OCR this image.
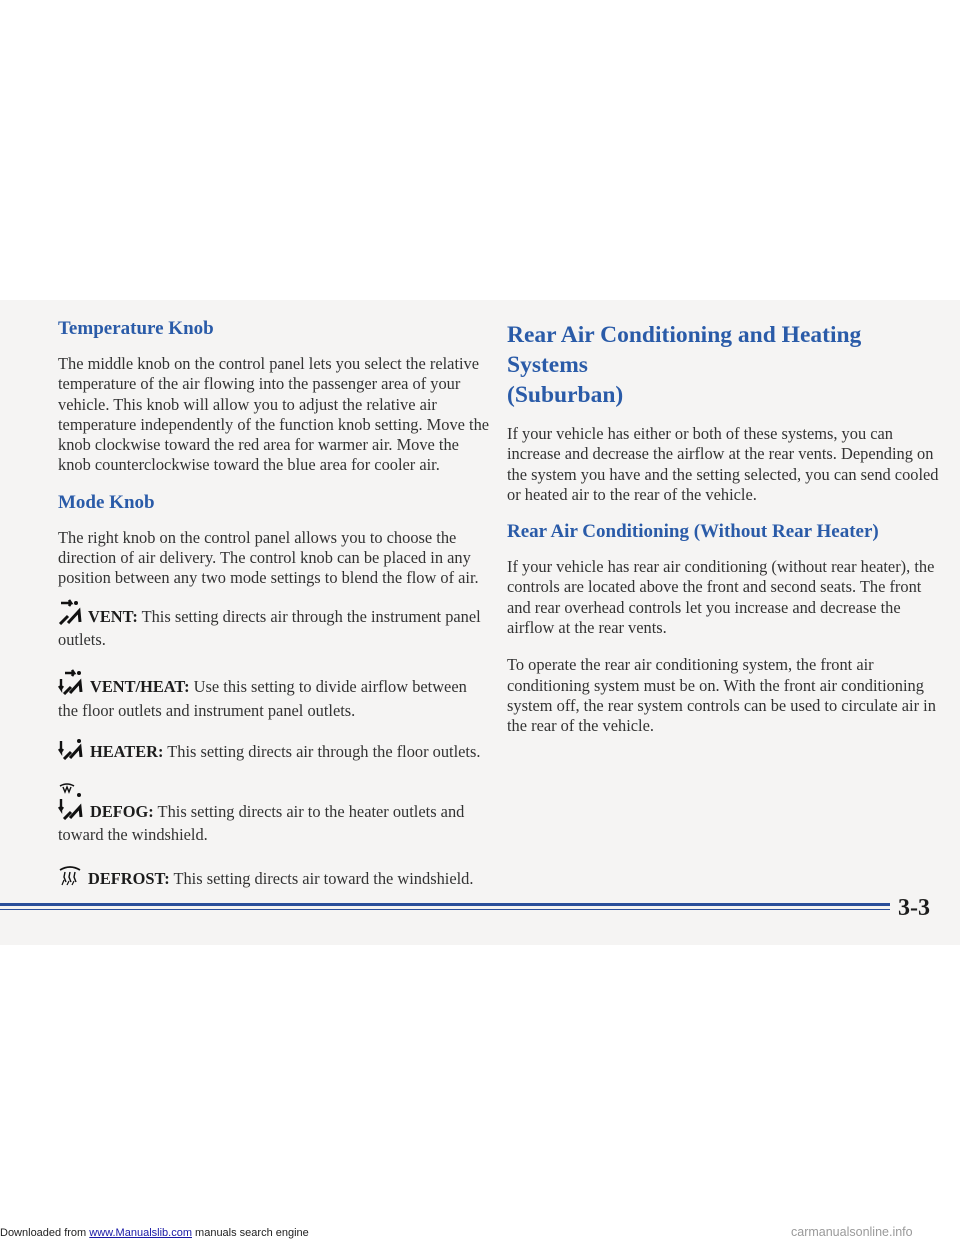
Temperature Knob

The middle knob on the control panel lets you select the relative temperature of the air flowing into the passenger area of your vehicle. This knob will allow you to adjust the relative air temperature independently of the function knob setting. Move the knob clockwise toward the red area for warmer air. Move the knob counterclockwise toward the blue area for cooler air.

Mode Knob

The right knob on the control panel allows you to choose the direction of air delivery. The control knob can be placed in any position between any two mode settings to blend the flow of air.

VENT: This setting directs air through the instrument panel outlets.

VENT/HEAT: Use this setting to divide airflow between the floor outlets and instrument panel outlets.

HEATER: This setting directs air through the floor outlets.

DEFOG: This setting directs air to the heater outlets and toward the windshield.

DEFROST: This setting directs air toward the windshield.

Rear Air Conditioning and Heating Systems
(Suburban)

If your vehicle has either or both of these systems, you can increase and decrease the airflow at the rear vents. Depending on the system you have and the setting selected, you can send cooled or heated air to the rear of the vehicle.

Rear Air Conditioning (Without Rear Heater)

If your vehicle has rear air conditioning (without rear heater), the controls are located above the front and second seats. The front and rear overhead controls let you increase and decrease the airflow at the rear vents.

To operate the rear air conditioning system, the front air conditioning system must be on. With the front air conditioning system off, the rear system controls can be used to circulate air in the rear of the vehicle.

3-3
Downloaded from www.Manualslib.com manuals search engine	carmanualsonline.info
